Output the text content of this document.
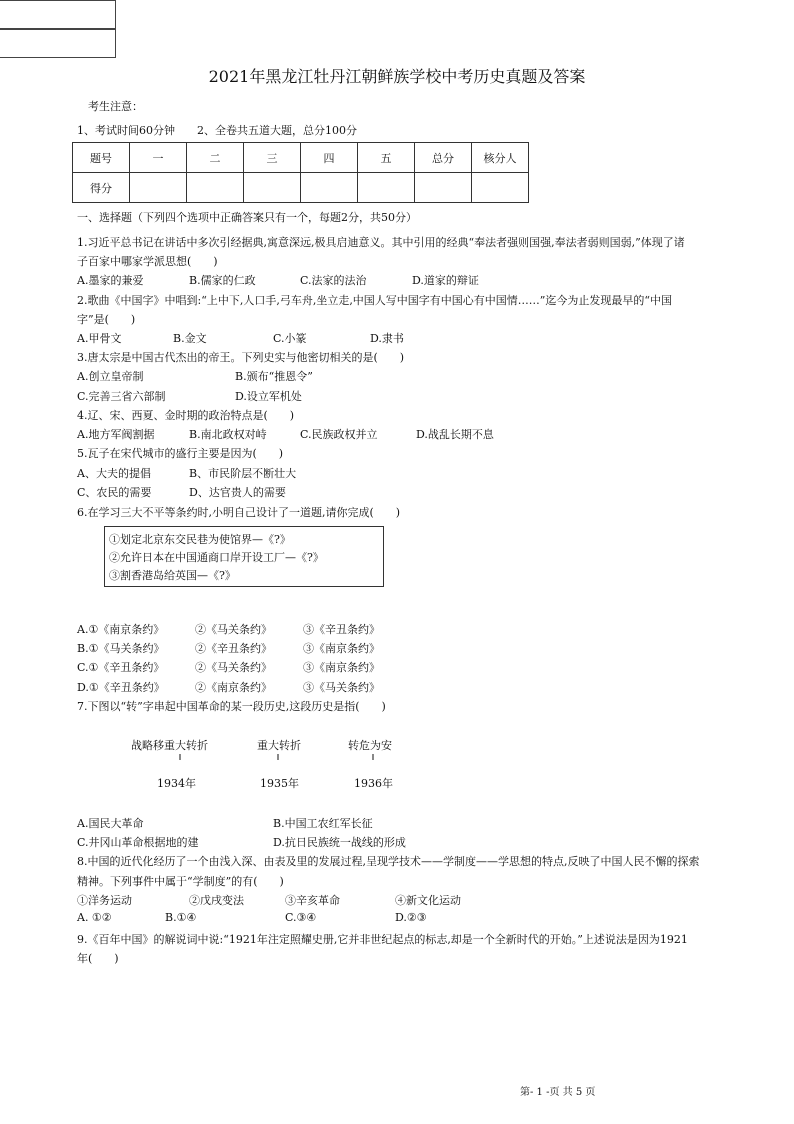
2021年黑龙江牡丹江朝鲜族学校中考历史真题及答案
考生注意：
1、考试时间60分钟　　2、全卷共五道大题，总分100分
题号	一	二	三	四	五	总分	核分人
得分							
一、选择题（下列四个选项中正确答案只有一个，每题2分，共50分）
1.习近平总书记在讲话中多次引经据典,寓意深远,极具启迪意义。其中引用的经典“奉法者强则国强,奉法者弱则国弱,”体现了诸
子百家中哪家学派思想(　　)
A.墨家的兼爱	B.儒家的仁政	C.法家的法治	D.道家的辩证
2.歌曲《中国字》中唱到:“上中下,人口手,弓车舟,坐立走,中国人写中国字有中国心有中国情……”迄今为止发现最早的“中国
字”是(　　)
A.甲骨文	B.金文	C.小篆	D.隶书
3.唐太宗是中国古代杰出的帝王。下列史实与他密切相关的是(　　)
A.创立皇帝制	B.颁布“推恩令”
C.完善三省六部制	D.设立军机处
4.辽、宋、西夏、金时期的政治特点是(　　)
A.地方军阀割据	B.南北政权对峙	C.民族政权并立	D.战乱长期不息
5.瓦子在宋代城市的盛行主要是因为(　　)
A、大夫的提倡	B、市民阶层不断壮大
C、农民的需要	D、达官贵人的需要
6.在学习三大不平等条约时,小明自己设计了一道题,请你完成(　　)
①划定北京东交民巷为使馆界—《?》
②允许日本在中国通商口岸开设工厂—《?》
③割香港岛给英国—《?》
A.①《南京条约》	②《马关条约》	③《辛丑条约》
B.①《马关条约》	②《辛丑条约》	③《南京条约》
C.①《辛丑条约》	②《马关条约》	③《南京条约》
D.①《辛丑条约》	②《南京条约》	③《马关条约》
7.下图以“转”字串起中国革命的某一段历史,这段历史是指(　　)
战略移重大转折	重大转折	转危为安
1934年	1935年	1936年
A.国民大革命	B.中国工农红军长征
C.井冈山革命根据地的建	D.抗日民族统一战线的形成
8.中国的近代化经历了一个由浅入深、由表及里的发展过程,呈现学技术——学制度——学思想的特点,反映了中国人民不懈的探索
精神。下列事件中属于“学制度”的有(　　)
①洋务运动	②戊戌变法	③辛亥革命	④新文化运动
A. ①②	B.①④	C.③④	D.②③
9.《百年中国》的解说词中说:“1921年注定照耀史册,它并非世纪起点的标志,却是一个全新时代的开始。”上述说法是因为1921
年(　　)
第- 1 -页 共 5 页
